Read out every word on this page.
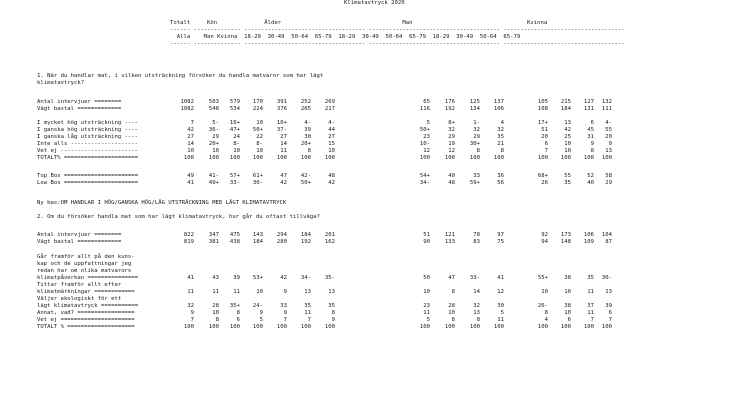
Klimatavtryck 2020
Totalt     Kön              Ålder                                    Man                                  Kvinna
------ -------------- ------------------------------------ --------------------------------------- ------------------------------------
Alla    Man Kvinna  18-29  30-49  50-64  65-79  18-29  30-49  50-64  65-79  18-29  30-49  50-64  65-79
------ -------------- ------------------------------------ --------------------------------------- ------------------------------------
1. När du handlar mat, i vilken utsträckning försöker du handla matvaror som har lägt
klimatavtryck?
Antal intervjuer ========	1082	503	579	170	391	252	269	65	176	125	137	105	215	127	132
Vägt bastal =============	1082	548	534	224	376	265	217	116	192	134	106	108	184	131	111
I mycket hög utsträckning ----	7	5-	10+	10	10+	4-	4-	5	8+	1-	4	17+	13	6	4-
I ganska hög utsträckning ----	42	36-	47+	50+	37-	39	44	50+	32	32	32	51	42	45	55
I ganska låg utsträckning ----	27	29	24	22	27	30	27	23	29	29	35	20	25	31	20
Inte alls --------------------	14	20+	8-	8-	14	20+	15	10-	19	30+	21	6	10	9	9
Vet ej -----------------------	10	10	10	10	11	8	10	12	12	8	8	7	10	8	13
TOTALT% ======================	100	100	100	100	100	100	100	100	100	100	100	100	100	100	100
Top Box ======================	49	41-	57+	61+	47	42-	48	54+	40	33	36	68+	55	52	58
Low Box ======================	41	49+	33-	30-	42	50+	42	34-	48	59+	56	26	35	40	29
Ny bas:OM HANDLAR I HÖG/GANSKA HÖG/LÅG UTSTRÄCKNING MED LÅGT KLIMATAVTRYCK
2. Om du försöker handla mat som har lägt klimatavtryck, hur går du oftast tillväga?
Antal intervjuer ========	822	347	475	143	294	184	201	51	121	78	97	92	173	106	104
Vägt bastal =============	819	381	438	184	280	192	162	90	133	83	75	94	148	109	87
Går framför allt på den kuns-
kap och de uppfattningar jeg
redan har om olika matvarors
klimatpåverkan ===============	41	43	39	53+	42	34-	35-	50	47	33-	41	55+	38	35	30-
Tittar framför allt efter
klimatmärkningar ============	11	11	11	10	9	13	13	10	8	14	12	10	10	11	13
Väljer ekologiskt för ett
lägt klimatavtryck ===========	32	28	35+	24-	33	35	35	23	28	32	30	26-	38	37	39
Annat, vad? =================	9	10	8	9	9	11	8	11	10	13	5	8	10	11	6
Vet ej ======================	7	8	6	5	7	7	9	5	8	8	11	4	6	7	7
TOTALT % ====================	100	100	100	100	100	100	100	100	100	100	100	100	100	100	100
